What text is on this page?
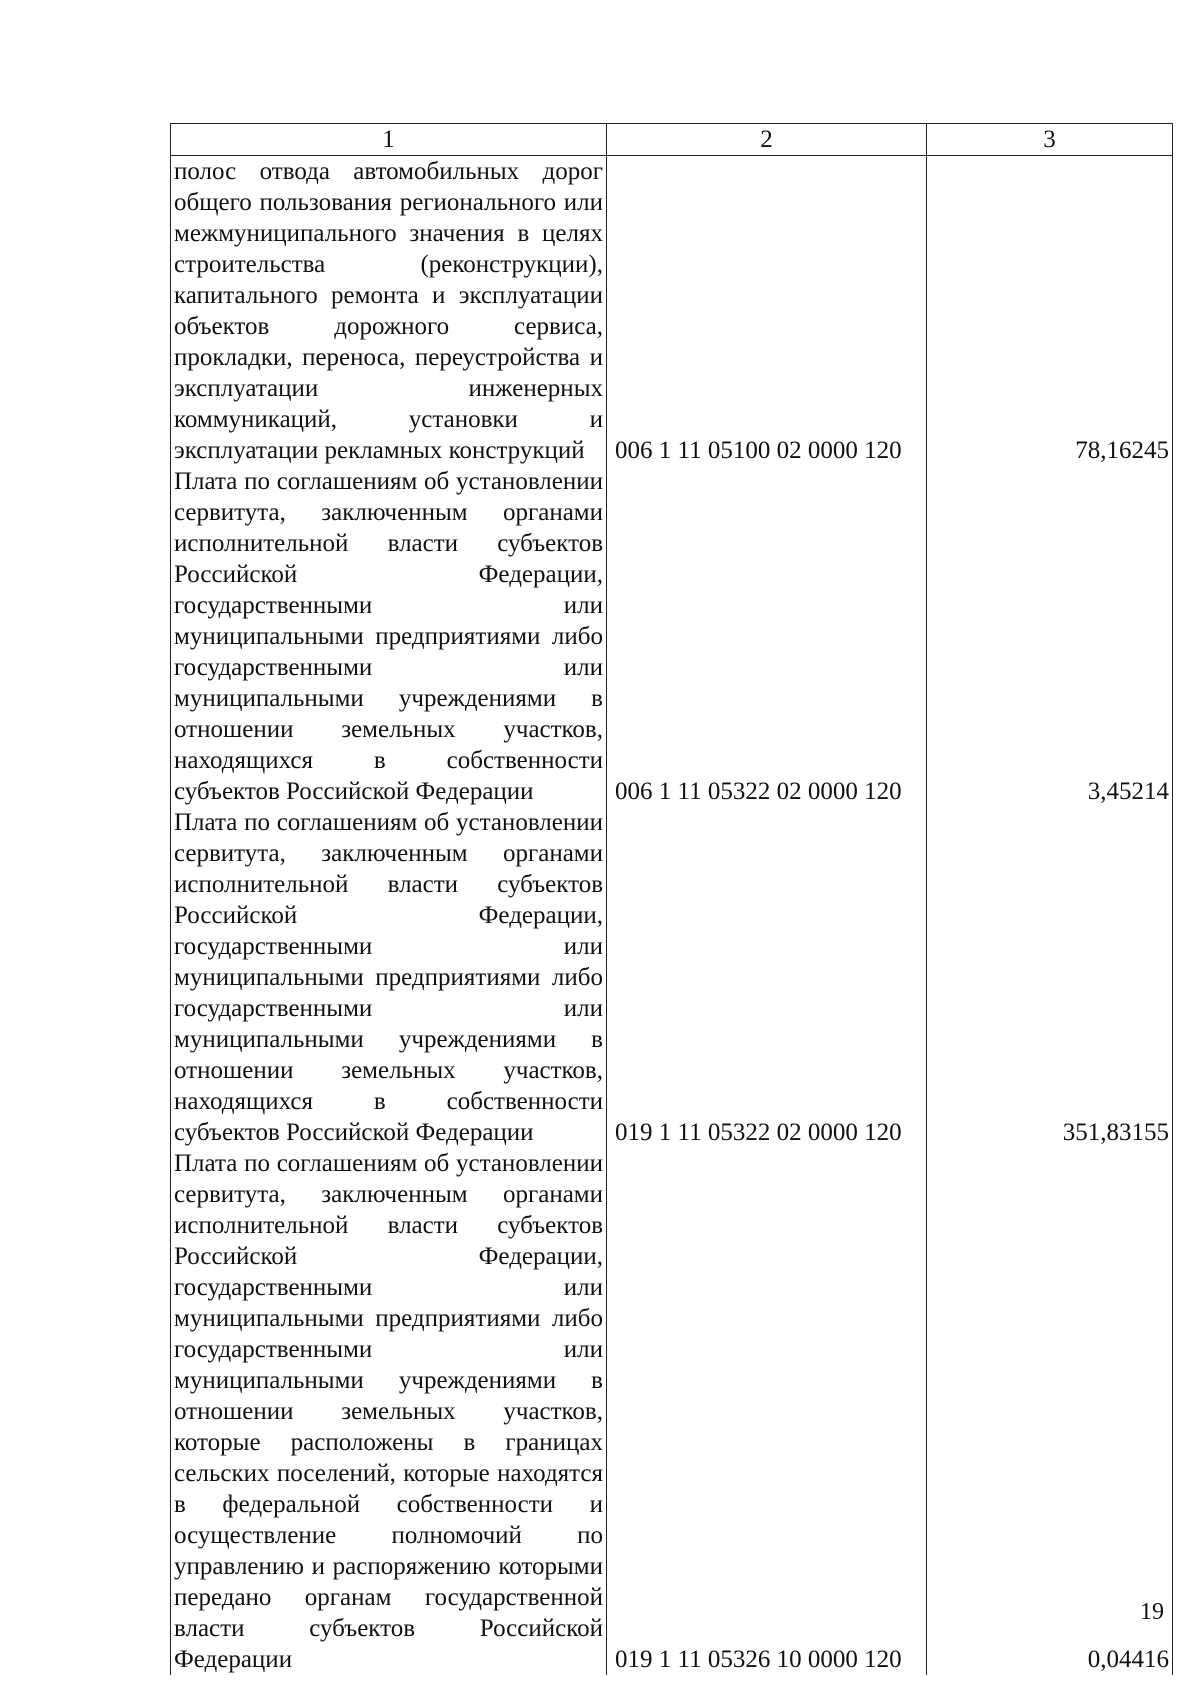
1	2	3
полос отвода автомобильных дорог общего пользования регионального или межмуниципального значения в целях строительства (реконструкции), капитального ремонта и эксплуатации объектов дорожного сервиса, прокладки, переноса, переустройства и эксплуатации инженерных коммуникаций, установки и эксплуатации рекламных конструкций	006 1 11 05100 02 0000 120	78,16245
Плата по соглашениям об установлении сервитута, заключенным органами исполнительной власти субъектов Российской Федерации, государственными или муниципальными предприятиями либо государственными или муниципальными учреждениями в отношении земельных участков, находящихся в собственности субъектов Российской Федерации	006 1 11 05322 02 0000 120	3,45214
Плата по соглашениям об установлении сервитута, заключенным органами исполнительной власти субъектов Российской Федерации, государственными или муниципальными предприятиями либо государственными или муниципальными учреждениями в отношении земельных участков, находящихся в собственности субъектов Российской Федерации	019 1 11 05322 02 0000 120	351,83155
Плата по соглашениям об установлении сервитута, заключенным органами исполнительной власти субъектов Российской Федерации, государственными или муниципальными предприятиями либо государственными или муниципальными учреждениями в отношении земельных участков, которые расположены в границах сельских поселений, которые находятся в федеральной собственности и осуществление полномочий по управлению и распоряжению которыми передано органам государственной власти субъектов Российской Федерации	019 1 11 05326 10 0000 120	0,04416
19
